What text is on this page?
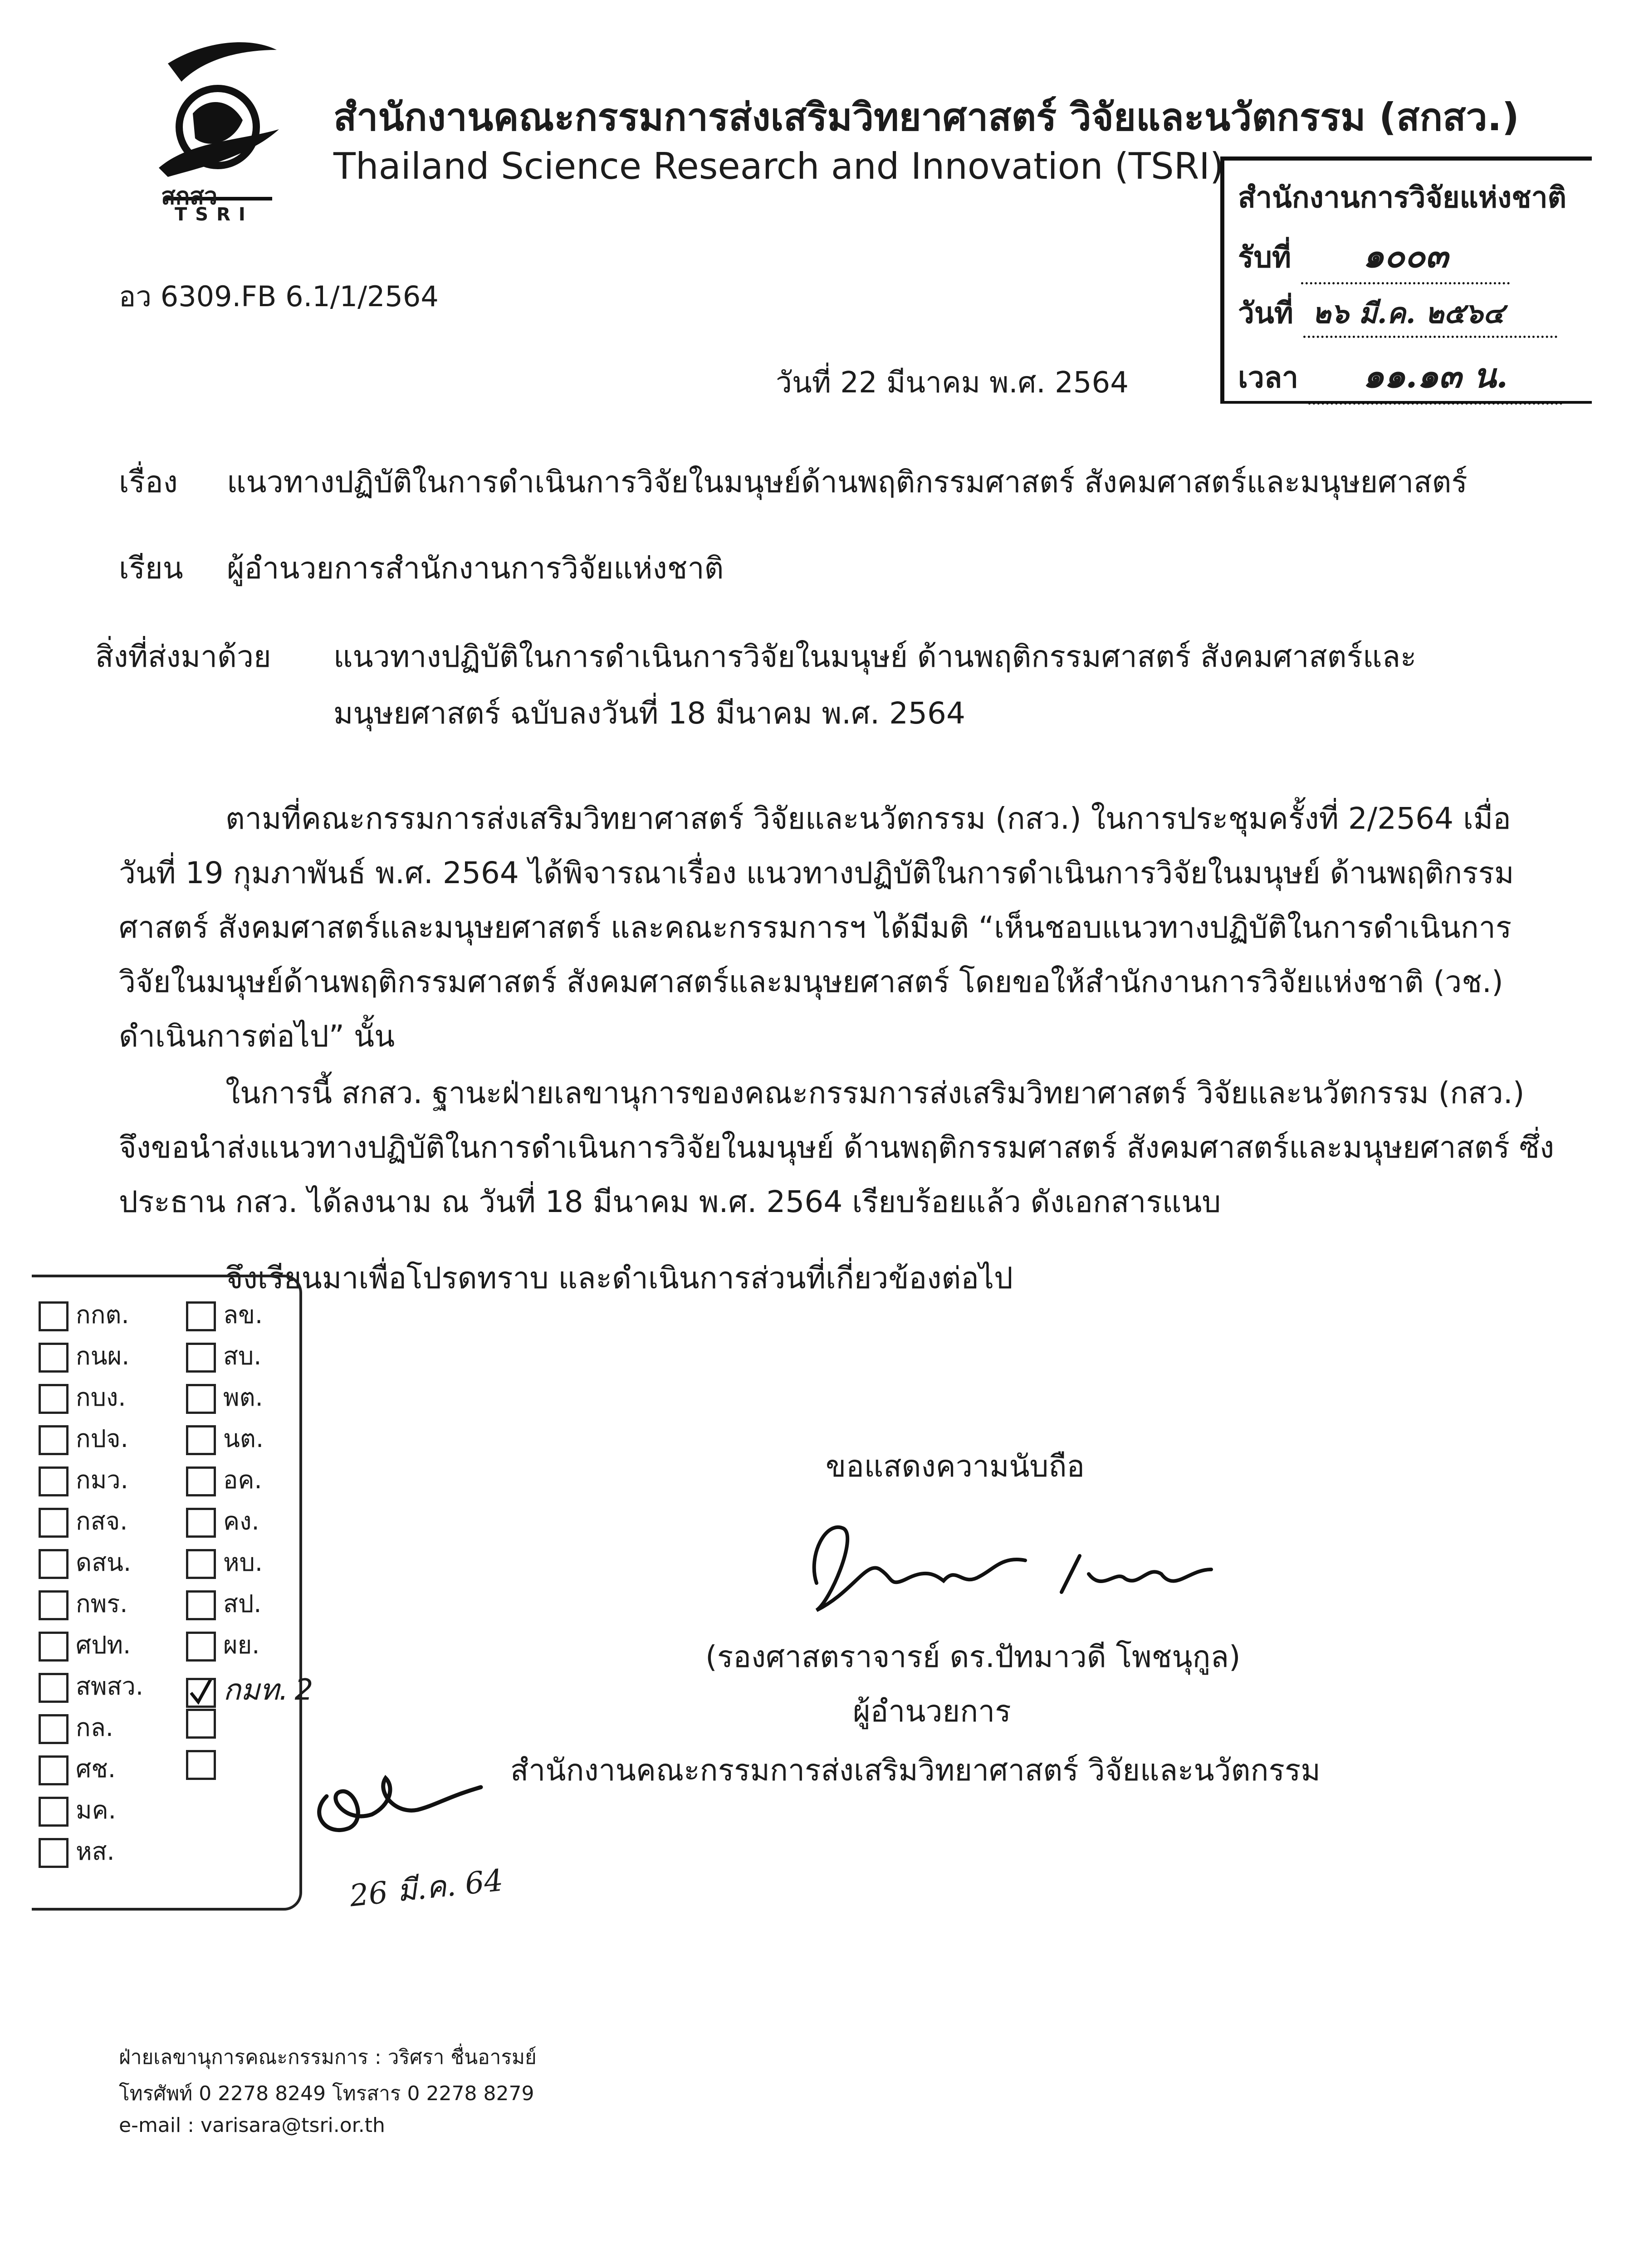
สกสว
TSRI
สำนักงานคณะกรรมการส่งเสริมวิทยาศาสตร์ วิจัยและนวัตกรรม (สกสว.)
Thailand Science Research and Innovation (TSRI)
สำนักงานการวิจัยแห่งชาติ
รับที่ ๑๐๐๓
วันที่ ๒๖ มี.ค. ๒๕๖๔
เวลา ๑๑.๑๓ น.
อว 6309.FB 6.1/1/2564
วันที่ 22 มีนาคม พ.ศ. 2564
เรื่อง แนวทางปฏิบัติในการดำเนินการวิจัยในมนุษย์ด้านพฤติกรรมศาสตร์ สังคมศาสตร์และมนุษยศาสตร์
เรียน ผู้อำนวยการสำนักงานการวิจัยแห่งชาติ
สิ่งที่ส่งมาด้วย แนวทางปฏิบัติในการดำเนินการวิจัยในมนุษย์ ด้านพฤติกรรมศาสตร์ สังคมศาสตร์และ
มนุษยศาสตร์ ฉบับลงวันที่ 18 มีนาคม พ.ศ. 2564
ตามที่คณะกรรมการส่งเสริมวิทยาศาสตร์ วิจัยและนวัตกรรม (กสว.) ในการประชุมครั้งที่ 2/2564 เมื่อ
วันที่ 19 กุมภาพันธ์ พ.ศ. 2564 ได้พิจารณาเรื่อง แนวทางปฏิบัติในการดำเนินการวิจัยในมนุษย์ ด้านพฤติกรรม
ศาสตร์ สังคมศาสตร์และมนุษยศาสตร์ และคณะกรรมการฯ ได้มีมติ “เห็นชอบแนวทางปฏิบัติในการดำเนินการ
วิจัยในมนุษย์ด้านพฤติกรรมศาสตร์ สังคมศาสตร์และมนุษยศาสตร์ โดยขอให้สำนักงานการวิจัยแห่งชาติ (วช.)
ดำเนินการต่อไป” นั้น
ในการนี้ สกสว. ฐานะฝ่ายเลขานุการของคณะกรรมการส่งเสริมวิทยาศาสตร์ วิจัยและนวัตกรรม (กสว.)
จึงขอนำส่งแนวทางปฏิบัติในการดำเนินการวิจัยในมนุษย์ ด้านพฤติกรรมศาสตร์ สังคมศาสตร์และมนุษยศาสตร์ ซึ่ง
ประธาน กสว. ได้ลงนาม ณ วันที่ 18 มีนาคม พ.ศ. 2564 เรียบร้อยแล้ว ดังเอกสารแนบ
จึงเรียนมาเพื่อโปรดทราบ และดำเนินการส่วนที่เกี่ยวข้องต่อไป
กกต.
กนผ.
กบง.
กปจ.
กมว.
กสจ.
ดสน.
กพร.
ศปท.
สพสว.
กล.
ศช.
มค.
หส.
ลข.
สบ.
พต.
นต.
อค.
คง.
หบ.
สป.
ผย.
กมท. 2
26 มี.ค. 64
ขอแสดงความนับถือ
(รองศาสตราจารย์ ดร.ปัทมาวดี โพชนุกูล)
ผู้อำนวยการ
สำนักงานคณะกรรมการส่งเสริมวิทยาศาสตร์ วิจัยและนวัตกรรม
ฝ่ายเลขานุการคณะกรรมการ : วริศรา ชื่นอารมย์
โทรศัพท์ 0 2278 8249 โทรสาร 0 2278 8279
e-mail : varisara@tsri.or.th
